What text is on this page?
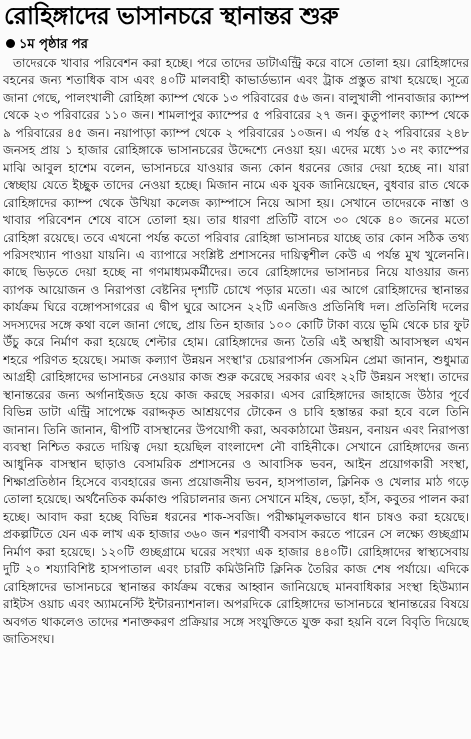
রোহিঙ্গাদের ভাসানচরে স্থানান্তর শুরু
১ম পৃষ্ঠার পর

তাদেরকে খাবার পরিবেশন করা হচ্ছে। পরে তাদের ডাটাএন্ট্রি করে বাসে তোলা হয়। রোহিঙ্গাদের বহনের জন্য শতাধিক বাস এবং ৪০টি মালবাহী কাভার্ডভ্যান এবং ট্রাক প্রস্তুত রাখা হয়েছে। সূত্রে জানা গেছে, পালংখালী রোহিঙ্গা ক্যাম্প থেকে ১৩ পরিবারের ৫৬ জন। বালুখালী পানবাজার ক্যাম্প থেকে ২৩ পরিবারের ১১০ জন। শামলাপুর ক্যাম্পের ৫ পরিবারের ২৭ জন। কুতুপালং ক্যাম্প থেকে ৯ পরিবারের ৪৫ জন। নয়াপাড়া ক্যাম্প থেকে ২ পরিবারের ১০জন। এ পর্যন্ত ৫২ পরিবারের ২৪৮ জনসহ প্রায় ১ হাজার রোহিঙ্গাকে ভাসানচরের উদ্দেশ্যে নেওয়া হয়। এদের মধ্যে ১৩ নং ক্যাম্পের মাঝি আবুল হাশেম বলেন, ভাসানচরে যাওয়ার জন্য কোন ধরনের জোর দেয়া হচ্ছে না। যারা স্বেচ্ছায় যেতে ইচ্ছুক তাদের নেওয়া হচ্ছে। মিজান নামে এক যুবক জানিয়েছেন, বুধবার রাত থেকে রোহিঙ্গাদের ক্যাম্প থেকে উখিয়া কলেজ ক্যাম্পাসে নিয়ে আসা হয়। সেখানে তাদেরকে নাস্তা ও খাবার পরিবেশন শেষে বাসে তোলা হয়। তার ধারণা প্রতিটি বাসে ৩০ থেকে ৪০ জনের মতো রোহিঙ্গা রয়েছে। তবে এখনো পর্যন্ত কতো পরিবার রোহিঙ্গা ভাসানচর যাচ্ছে তার কোন সঠিক তথ্য পরিসংখ্যান পাওয়া যায়নি। এ ব্যাপারে সংশ্লিষ্ট প্রশাসনের দায়িত্বশীল কেউ এ পর্যন্ত মুখ খুলেননি। কাছে ভিড়তে দেয়া হচ্ছে না গণমাধ্যমকর্মীদের। তবে রোহিঙ্গাদের ভাসানচর নিয়ে যাওয়ার জন্য ব্যাপক আয়োজন ও নিরাপত্তা বেষ্টনির দৃশ্যটি চোখে পড়ার মতো। এর আগে রোহিঙ্গাদের স্থানান্তর কার্যক্রম ঘিরে বঙ্গোপসাগরের এ দ্বীপ ঘুরে আসেন ২২টি এনজিও প্রতিনিধি দল। প্রতিনিধি দলের সদস্যদের সঙ্গে কথা বলে জানা গেছে, প্রায় তিন হাজার ১০০ কোটি টাকা ব্যয়ে ভূমি থেকে চার ফুট উঁচু করে নির্মাণ করা হয়েছে শেল্টার হোম। রোহিঙ্গাদের জন্য তৈরি এই অস্থায়ী আবাসস্থল এখন শহরে পরিণত হয়েছে। সমাজ কল্যাণ উন্নয়ন সংস্থা'র চেয়ারপার্সন জেসমিন প্রেমা জানান, শুধুমাত্র আগ্রহী রোহিঙ্গাদের ভাসানচর নেওয়ার কাজ শুরু করেছে সরকার এবং ২২টি উন্নয়ন সংস্থা। তাদের স্থানান্তরের জন্য অর্গানাইজড হয়ে কাজ করছে সরকার। এসব রোহিঙ্গাদের জাহাজে উঠার পূর্বে বিভিন্ন ডাটা এন্ট্রি সাপেক্ষে বরাদ্দকৃত আশ্রয়ণের টোকেন ও চাবি হস্তান্তর করা হবে বলে তিনি জানান। তিনি জানান, দ্বীপটি বাসস্থানের উপযোগী করা, অবকাঠামো উন্নয়ন, বনায়ন এবং নিরাপত্তা ব্যবস্থা নিশ্চিত করতে দায়িত্ব দেয়া হয়েছিল বাংলাদেশ নৌ বাহিনীকে। সেখানে রোহিঙ্গাদের জন্য আধুনিক বাসস্থান ছাড়াও বেসামরিক প্রশাসনের ও আবাসিক ভবন, আইন প্রয়োগকারী সংস্থা, শিক্ষাপ্রতিষ্ঠান হিসেবে ব্যবহারের জন্য প্রয়োজনীয় ভবন, হাসপাতাল, ক্লিনিক ও খেলার মাঠ গড়ে তোলা হয়েছে। অর্থনৈতিক কর্মকাণ্ড পরিচালনার জন্য সেখানে মহিষ, ভেড়া, হাঁস, কবুতর পালন করা হচ্ছে। আবাদ করা হচ্ছে বিভিন্ন ধরনের শাক-সবজি। পরীক্ষামূলকভাবে ধান চাষও করা হয়েছে। প্রকল্পটিতে যেন এক লাখ এক হাজার ৩৬০ জন শরণার্থী বসবাস করতে পারেন সে লক্ষ্যে গুচ্ছগ্রাম নির্মাণ করা হয়েছে। ১২০টি গুচ্ছগ্রামে ঘরের সংখ্যা এক হাজার ৪৪০টি। রোহিঙ্গাদের স্বাস্থ্যসেবায় দুটি ২০ শয্যাবিশিষ্ট হাসপাতাল এবং চারটি কমিউনিটি ক্লিনিক তৈরির কাজ শেষ পর্যায়ে। এদিকে রোহিঙ্গাদের ভাসানচরে স্থানান্তর কার্যক্রম বন্ধের আহ্বান জানিয়েছে মানবাধিকার সংস্থা হিউম্যান রাইটস ওয়াচ এবং অ্যামনেস্টি ইন্টারন্যাশনাল। অপরদিকে রোহিঙ্গাদের ভাসানচরে স্থানান্তরের বিষয়ে অবগত থাকলেও তাদের শনাক্তকরণ প্রক্রিয়ার সঙ্গে সংযুক্তিতে যুক্ত করা হয়নি বলে বিবৃতি দিয়েছে জাতিসংঘ।
